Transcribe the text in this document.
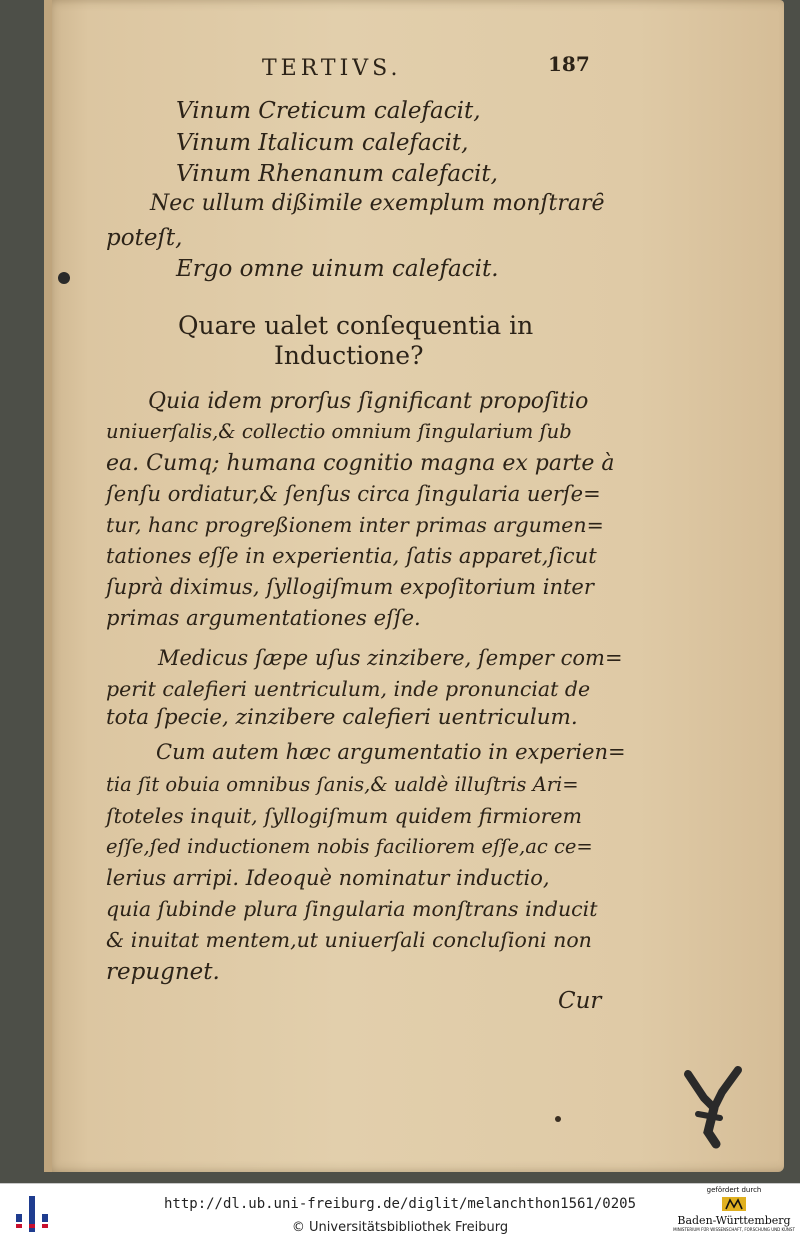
TERTIVS.	187
Vinum Creticum calefacit,
Vinum Italicum calefacit,
Vinum Rhenanum calefacit,
Nec ullum dißimile exemplum monſtrarȇ
poteſt,
Ergo omne uinum calefacit.
Quare ualet conſequentia in
Inductione?
Quia idem prorſus ſignificant propoſitio
uniuerſalis,& collectio omnium ſingularium ſub
ea. Cumq; humana cognitio magna ex parte à
ſenſu ordiatur,& ſenſus circa ſingularia uerſe=
tur, hanc progreßionem inter primas argumen=
tationes eſſe in experientia, ſatis apparet,ſicut
ſuprà diximus, ſyllogiſmum expoſitorium inter
primas argumentationes eſſe.
Medicus ſæpe uſus zinzibere, ſemper com=
perit calefieri uentriculum, inde pronunciat de
tota ſpecie, zinzibere calefieri uentriculum.
Cum autem hæc argumentatio in experien=
tia ſit obuia omnibus ſanis,& ualdè illuſtris Ari=
ſtoteles inquit, ſyllogiſmum quidem firmiorem
eſſe,ſed inductionem nobis faciliorem eſſe,ac ce=
lerius arripi. Ideoquè nominatur inductio,
quia ſubinde plura ſingularia monſtrans inducit
& inuitat mentem,ut uniuerſali concluſioni non
repugnet.
Cur
http://dl.ub.uni-freiburg.de/diglit/melanchthon1561/0205
© Universitätsbibliothek Freiburg
gefördert durch
Baden-Württemberg
MINISTERIUM FÜR WISSENSCHAFT, FORSCHUNG UND KUNST
